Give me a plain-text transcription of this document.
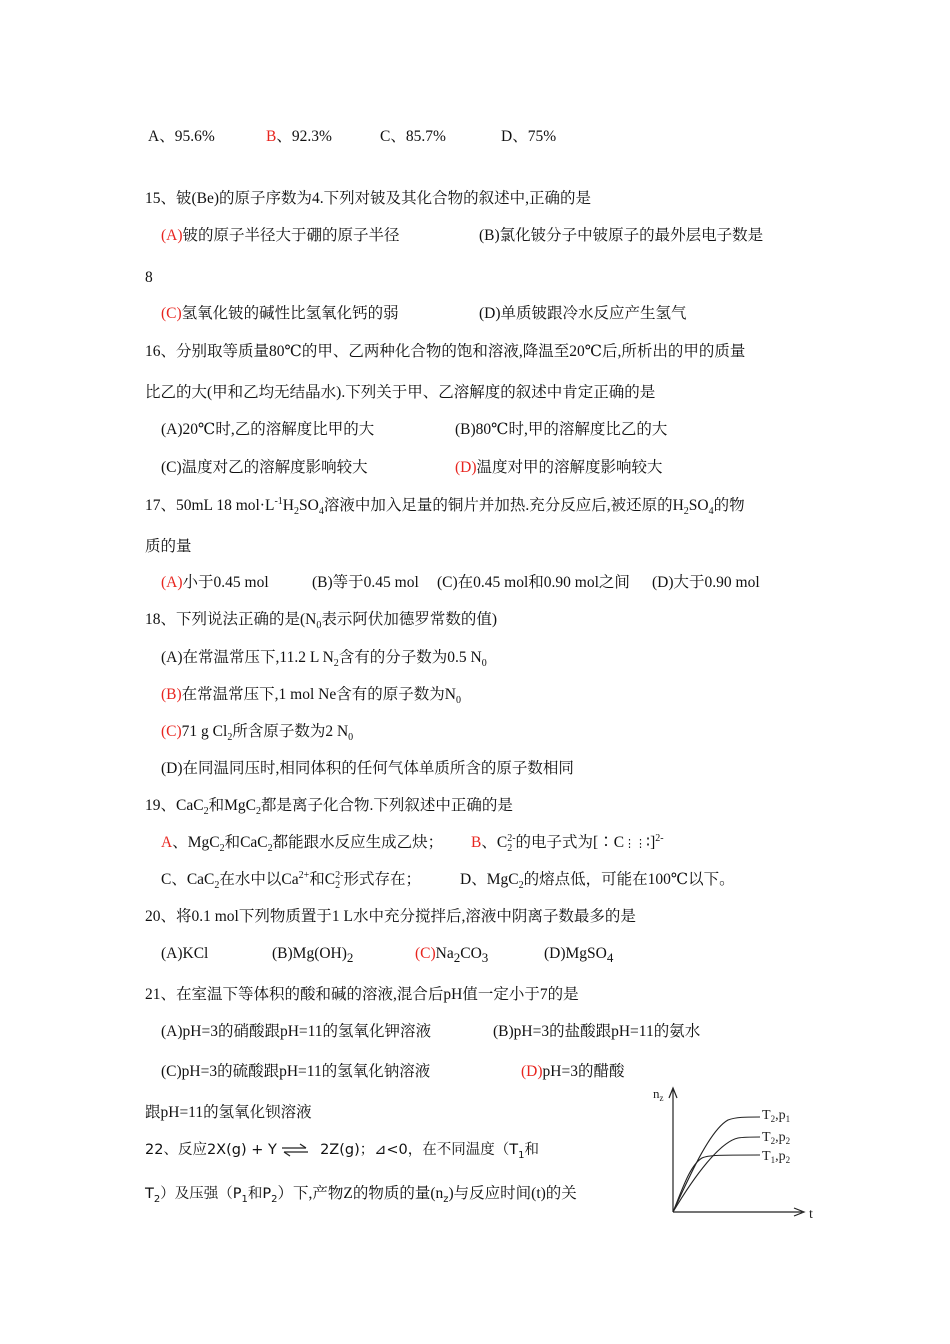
A、95.6%	B、92.3%	C、85.7%	D、75%
15、铍(Be)的原子序数为4.下列对铍及其化合物的叙述中,正确的是
(A)铍的原子半径大于硼的原子半径	(B)氯化铍分子中铍原子的最外层电子数是
8
(C)氢氧化铍的碱性比氢氧化钙的弱	(D)单质铍跟冷水反应产生氢气
16、分别取等质量80℃的甲、乙两种化合物的饱和溶液,降温至20℃后,所析出的甲的质量
比乙的大(甲和乙均无结晶水).下列关于甲、乙溶解度的叙述中肯定正确的是
(A)20℃时,乙的溶解度比甲的大	(B)80℃时,甲的溶解度比乙的大
(C)温度对乙的溶解度影响较大	(D)温度对甲的溶解度影响较大
17、50mL 18 $mol\cdot L^{-1}H_2SO_4$溶液中加入足量的铜片并加热.充分反应后,被还原的$H_2SO_4$的物
质的量
(A)小于0.45 mol	(B)等于0.45 mol (C)在0.45 mol和0.90 mol之间 (D)大于0.90 mol
18、下列说法正确的是($N_0$表示阿伏加德罗常数的值)
(A)在常温常压下,11.2 L $N_2$含有的分子数为0.5 $N_0$
(B)在常温常压下,1 mol Ne含有的原子数为$N_0$
(C)71 g $Cl_2$所含原子数为2 $N_0$
(D)在同温同压时,相同体积的任何气体单质所含的原子数相同
19、CaC$_2$和MgC$_2$都是离子化合物.下列叙述中正确的是
A、MgC$_2$和CaC$_2$都能跟水反应生成乙炔； B、$C_2^{2-}$的电子式为[∶C⋮⋮∶]$^{2-}$
C、CaC$_2$在水中以$Ca^{2+}$和$C_2^{2-}$形式存在；	D、MgC$_2$的熔点低，可能在100℃以下。
20、将0.1 mol下列物质置于1 L水中充分搅拌后,溶液中阴离子数最多的是
(A)KCl	$(B)Mg(OH)_2$	$(C)Na_2CO_3$	(D)MgSO$_4$
21、在室温下等体积的酸和碱的溶液,混合后pH值一定小于7的是
(A)pH=3的硝酸跟pH=11的氢氧化钾溶液	(B)pH=3的盐酸跟pH=11的氨水
(C)pH=3的硫酸跟pH=11的氢氧化钠溶液	(D)pH=3的醋酸
跟pH=11的氢氧化钡溶液
22、反应2X(g) + Y ⇌ 2Z(g)；⊿<0，在不同温度（$T_1$和
$T_2$）及压强（$P_1$和$P_2$）下,产物Z的物质的量$(n_z)$与反应时间(t)的关
$n_z$
t
$T_2,p_1$
$T_2,p_2$
$T_1,p_2$
